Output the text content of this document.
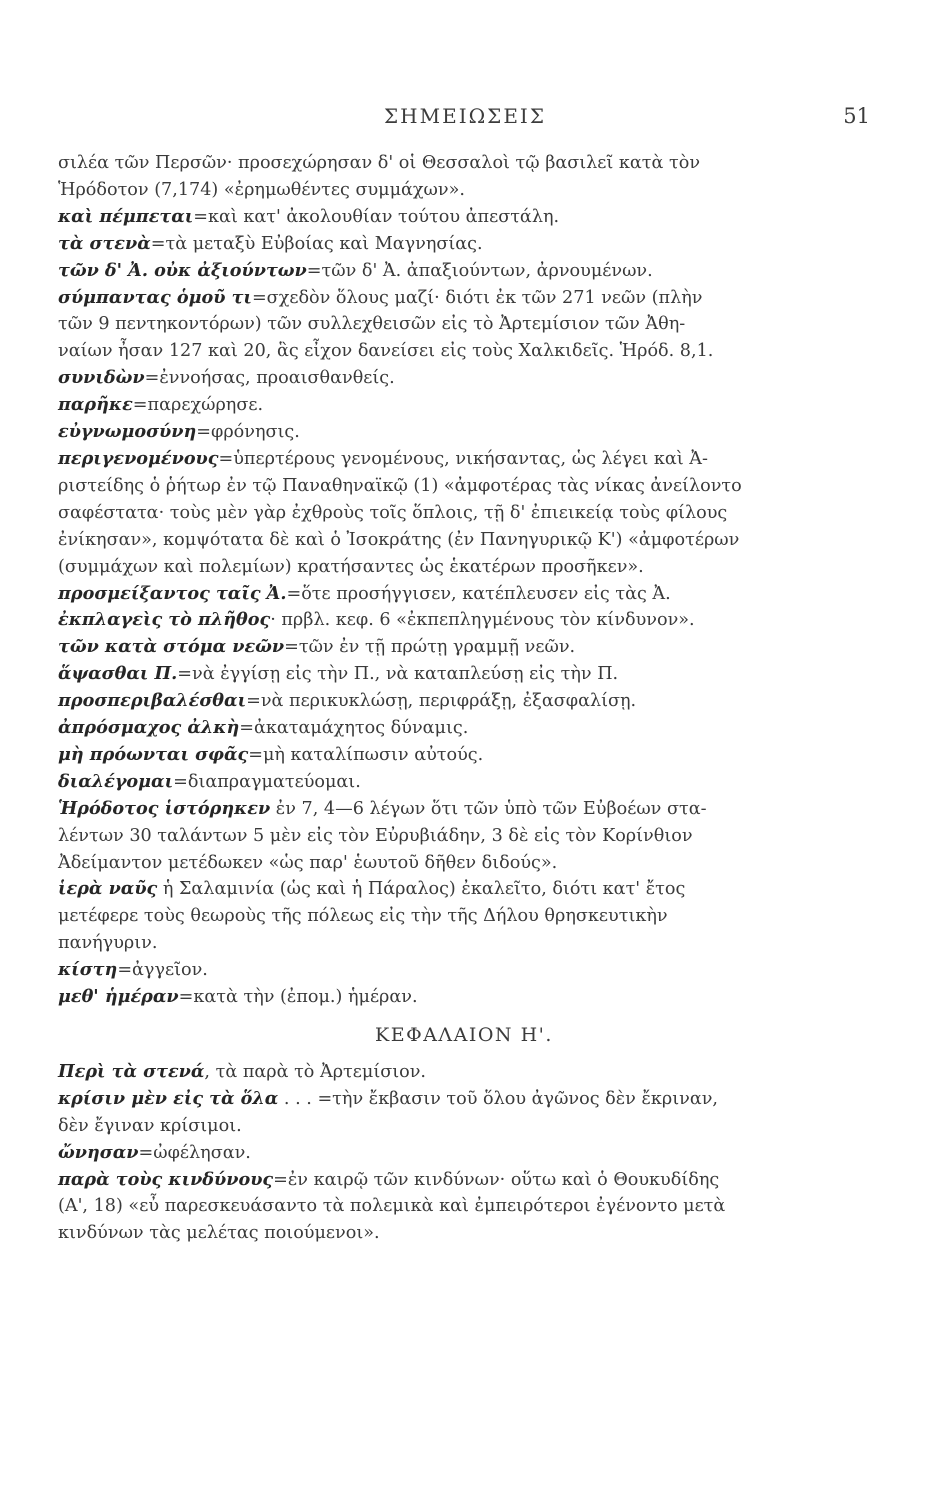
ΣΗΜΕΙΩΣΕΙΣ	51

σιλέα τῶν Περσῶν· προσεχώρησαν δ' οἱ Θεσσαλοὶ τῷ βασιλεῖ κατὰ τὸν

Ἡρόδοτον (7,174) «ἐρημωθέντες συμμάχων».

καὶ πέμπεται=καὶ κατ' ἀκολουθίαν τούτου ἀπεστάλη.

τὰ στενὰ=τὰ μεταξὺ Εὐβοίας καὶ Μαγνησίας.

τῶν δ' Ἀ. οὐκ ἀξιούντων=τῶν δ' Ἀ. ἀπαξιούντων, ἀρνουμένων.

σύμπαντας ὁμοῦ τι=σχεδὸν ὅλους μαζί· διότι ἐκ τῶν 271 νεῶν (πλὴν

τῶν 9 πεντηκοντόρων) τῶν συλλεχθεισῶν εἰς τὸ Ἀρτεμίσιον τῶν Ἀθη-

ναίων ἦσαν 127 καὶ 20, ἃς εἶχον δανείσει εἰς τοὺς Χαλκιδεῖς. Ἡρόδ. 8,1.

συνιδὼν=ἐννοήσας, προαισθανθείς.

παρῆκε=παρεχώρησε.

εὐγνωμοσύνη=φρόνησις.

περιγενομένους=ὑπερτέρους γενομένους, νικήσαντας, ὡς λέγει καὶ Ἀ-

ριστείδης ὁ ῥήτωρ ἐν τῷ Παναθηναϊκῷ (1) «ἀμφοτέρας τὰς νίκας ἀνείλοντο

σαφέστατα· τοὺς μὲν γὰρ ἐχθροὺς τοῖς ὅπλοις, τῇ δ' ἐπιεικείᾳ τοὺς φίλους

ἐνίκησαν», κομψότατα δὲ καὶ ὁ Ἰσοκράτης (ἐν Πανηγυρικῷ Κ') «ἀμφοτέρων

(συμμάχων καὶ πολεμίων) κρατήσαντες ὡς ἑκατέρων προσῆκεν».

προσμείξαντος ταῖς Ἀ.=ὅτε προσήγγισεν, κατέπλευσεν εἰς τὰς Ἀ.

ἐκπλαγεὶς τὸ πλῆθος· πρβλ. κεφ. 6 «ἐκπεπληγμένους τὸν κίνδυνον».

τῶν κατὰ στόμα νεῶν=τῶν ἐν τῇ πρώτῃ γραμμῇ νεῶν.

ἅψασθαι Π.=νὰ ἐγγίσῃ εἰς τὴν Π., νὰ καταπλεύσῃ εἰς τὴν Π.

προσπεριβαλέσθαι=νὰ περικυκλώσῃ, περιφράξῃ, ἐξασφαλίσῃ.

ἀπρόσμαχος ἀλκὴ=ἀκαταμάχητος δύναμις.

μὴ πρόωνται σφᾶς=μὴ καταλίπωσιν αὐτούς.

διαλέγομαι=διαπραγματεύομαι.

Ἡρόδοτος ἱστόρηκεν ἐν 7, 4—6 λέγων ὅτι τῶν ὑπὸ τῶν Εὐβοέων στα-

λέντων 30 ταλάντων 5 μὲν εἰς τὸν Εὐρυβιάδην, 3 δὲ εἰς τὸν Κορίνθιον

Ἀδείμαντον μετέδωκεν «ὡς παρ' ἑωυτοῦ δῆθεν διδούς».

ἱερὰ ναῦς ἡ Σαλαμινία (ὡς καὶ ἡ Πάραλος) ἐκαλεῖτο, διότι κατ' ἔτος

μετέφερε τοὺς θεωροὺς τῆς πόλεως εἰς τὴν τῆς Δήλου θρησκευτικὴν

πανήγυριν.

κίστη=ἀγγεῖον.

μεθ' ἡμέραν=κατὰ τὴν (ἐπομ.) ἡμέραν.

ΚΕΦΑΛΑΙΟΝ Η'.

Περὶ τὰ στενά, τὰ παρὰ τὸ Ἀρτεμίσιον.

κρίσιν μὲν εἰς τὰ ὅλα . . . =τὴν ἔκβασιν τοῦ ὅλου ἀγῶνος δὲν ἔκριναν,

δὲν ἔγιναν κρίσιμοι.

ὤνησαν=ὠφέλησαν.

παρὰ τοὺς κινδύνους=ἐν καιρῷ τῶν κινδύνων· οὕτω καὶ ὁ Θουκυδίδης

(Α', 18) «εὖ παρεσκευάσαντο τὰ πολεμικὰ καὶ ἐμπειρότεροι ἐγένοντο μετὰ

κινδύνων τὰς μελέτας ποιούμενοι».
